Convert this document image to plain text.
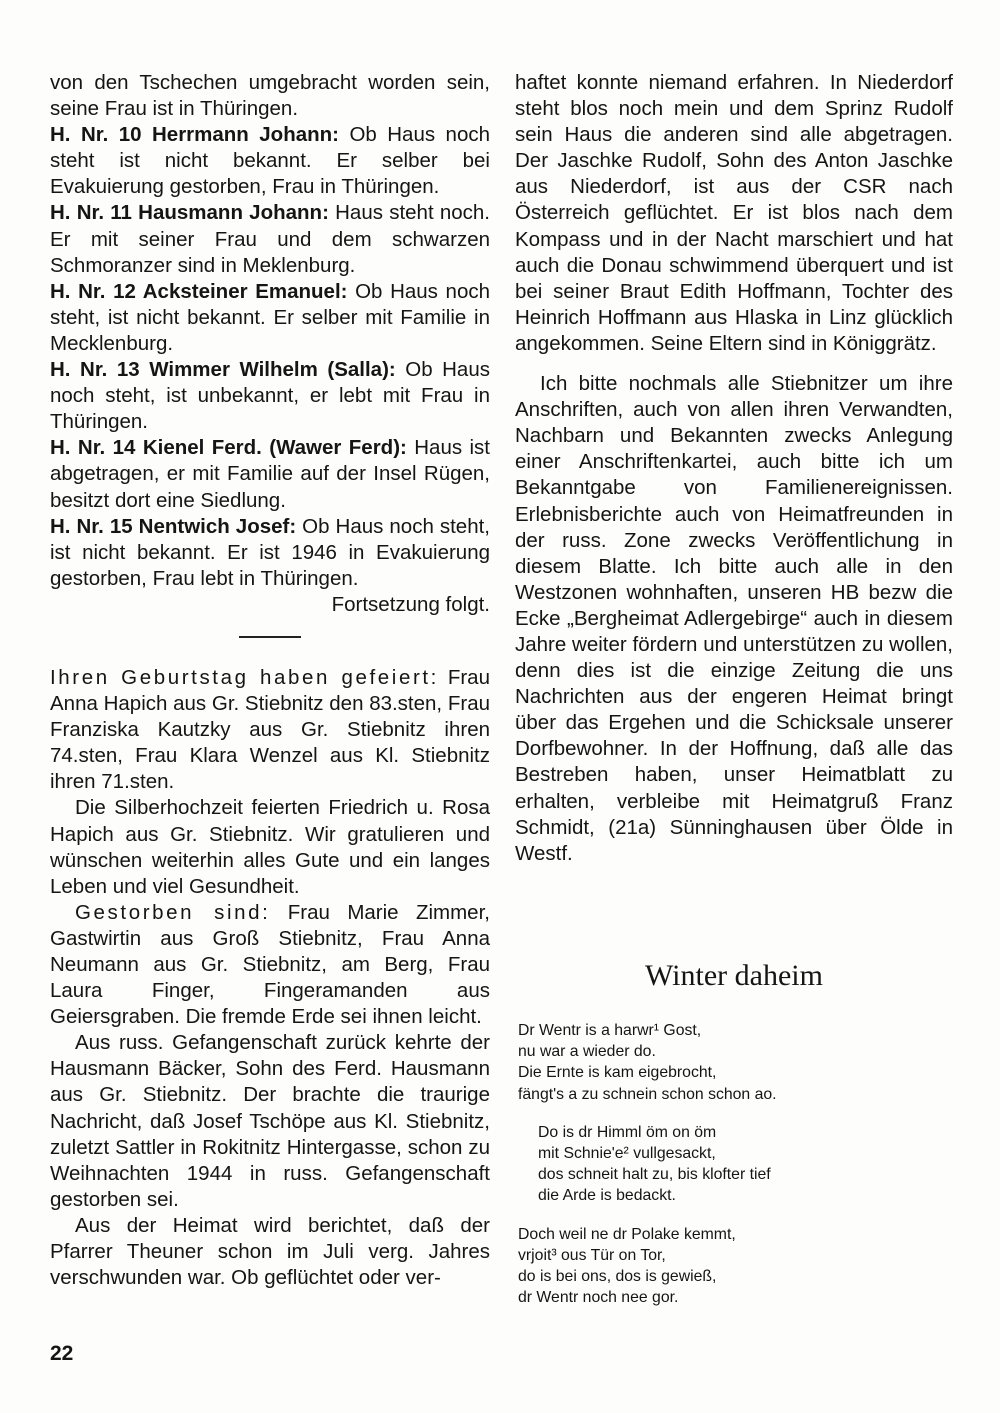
von den Tschechen umgebracht worden sein, seine Frau ist in Thüringen.

H. Nr. 10 Herrmann Johann: Ob Haus noch steht ist nicht bekannt. Er selber bei Evakuierung gestorben, Frau in Thüringen.

H. Nr. 11 Hausmann Johann: Haus steht noch. Er mit seiner Frau und dem schwarzen Schmoranzer sind in Meklenburg.

H. Nr. 12 Acksteiner Emanuel: Ob Haus noch steht, ist nicht bekannt. Er selber mit Familie in Mecklenburg.

H. Nr. 13 Wimmer Wilhelm (Salla): Ob Haus noch steht, ist unbekannt, er lebt mit Frau in Thüringen.

H. Nr. 14 Kienel Ferd. (Wawer Ferd): Haus ist abgetragen, er mit Familie auf der Insel Rügen, besitzt dort eine Siedlung.

H. Nr. 15 Nentwich Josef: Ob Haus noch steht, ist nicht bekannt. Er ist 1946 in Evakuierung gestorben, Frau lebt in Thüringen.

Fortsetzung folgt.

Ihren Geburtstag haben gefeiert: Frau Anna Hapich aus Gr. Stiebnitz den 83.sten, Frau Franziska Kautzky aus Gr. Stiebnitz ihren 74.sten, Frau Klara Wenzel aus Kl. Stiebnitz ihren 71.sten.

Die Silberhochzeit feierten Friedrich u. Rosa Hapich aus Gr. Stiebnitz. Wir gratulieren und wünschen weiterhin alles Gute und ein langes Leben und viel Gesundheit.

Gestorben sind: Frau Marie Zimmer, Gastwirtin aus Groß Stiebnitz, Frau Anna Neumann aus Gr. Stiebnitz, am Berg, Frau Laura Finger, Fingeramanden aus Geiersgraben. Die fremde Erde sei ihnen leicht.

Aus russ. Gefangenschaft zurück kehrte der Hausmann Bäcker, Sohn des Ferd. Hausmann aus Gr. Stiebnitz. Der brachte die traurige Nachricht, daß Josef Tschöpe aus Kl. Stiebnitz, zuletzt Sattler in Rokitnitz Hintergasse, schon zu Weihnachten 1944 in russ. Gefangenschaft gestorben sei.

Aus der Heimat wird berichtet, daß der Pfarrer Theuner schon im Juli verg. Jahres verschwunden war. Ob geflüchtet oder ver-

haftet konnte niemand erfahren. In Niederdorf steht blos noch mein und dem Sprinz Rudolf sein Haus die anderen sind alle abgetragen. Der Jaschke Rudolf, Sohn des Anton Jaschke aus Niederdorf, ist aus der CSR nach Österreich geflüchtet. Er ist blos nach dem Kompass und in der Nacht marschiert und hat auch die Donau schwimmend überquert und ist bei seiner Braut Edith Hoffmann, Tochter des Heinrich Hoffmann aus Hlaska in Linz glücklich angekommen. Seine Eltern sind in Königgrätz.

Ich bitte nochmals alle Stiebnitzer um ihre Anschriften, auch von allen ihren Verwandten, Nachbarn und Bekannten zwecks Anlegung einer Anschriftenkartei, auch bitte ich um Bekanntgabe von Familienereignissen. Erlebnisberichte auch von Heimatfreunden in der russ. Zone zwecks Veröffentlichung in diesem Blatte. Ich bitte auch alle in den Westzonen wohnhaften, unseren HB bezw die Ecke „Bergheimat Adlergebirge“ auch in diesem Jahre weiter fördern und unterstützen zu wollen, denn dies ist die einzige Zeitung die uns Nachrichten aus der engeren Heimat bringt über das Ergehen und die Schicksale unserer Dorfbewohner. In der Hoffnung, daß alle das Bestreben haben, unser Heimatblatt zu erhalten, verbleibe mit Heimatgruß Franz Schmidt, (21a) Sünninghausen über Ölde in Westf.

Winter daheim
Dr Wentr is a harwr¹ Gost,
nu war a wieder do.
Die Ernte is kam eigebrocht,
fängt's a zu schnein schon schon ao.
Do is dr Himml öm on öm
mit Schnie'e² vullgesackt,
dos schneit halt zu, bis klofter tief
die Arde is bedackt.
Doch weil ne dr Polake kemmt,
vrjoit³ ous Tür on Tor,
do is bei ons, dos is gewieß,
dr Wentr noch nee gor.
22
